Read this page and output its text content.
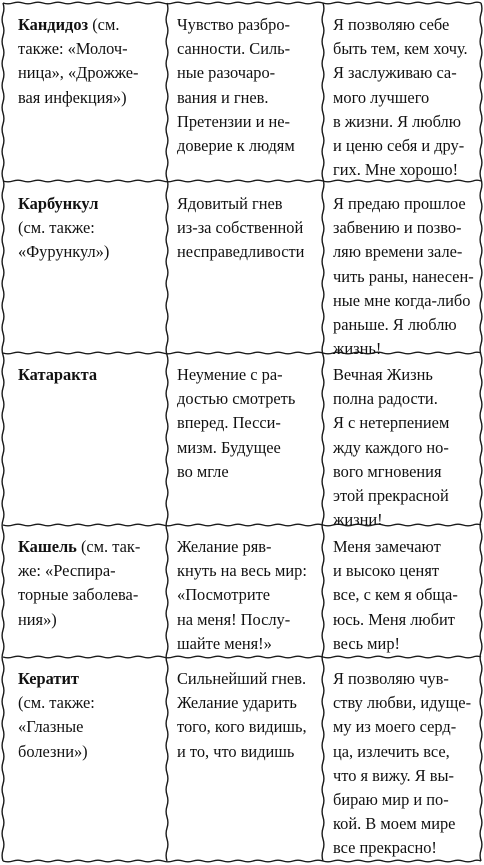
Кандидоз (см.
также: «Молоч-
ница», «Дрожже-
вая инфекция»)
Чувство разбро-
санности. Силь-
ные разочаро-
вания и гнев.
Претензии и не-
доверие к людям
Я позволяю себе
быть тем, кем хочу.
Я заслуживаю са-
мого лучшего
в жизни. Я люблю
и ценю себя и дру-
гих. Мне хорошо!
Карбункул
(см. также:
«Фурункул»)
Ядовитый гнев
из-за собственной
несправедливости
Я предаю прошлое
забвению и позво-
ляю времени зале-
чить раны, нанесен-
ные мне когда-либо
раньше. Я люблю
жизнь!
Катаракта	Неумение с ра-
достью смотреть
вперед. Песси-
мизм. Будущее
во мгле
Вечная Жизнь
полна радости.
Я с нетерпением
жду каждого но-
вого мгновения
этой прекрасной
жизни!
Кашель (см. так-
же: «Респира-
торные заболева-
ния»)
Желание ряв-
кнуть на весь мир:
«Посмотрите
на меня! Послу-
шайте меня!»
Меня замечают
и высоко ценят
все, с кем я обща-
юсь. Меня любит
весь мир!
Кератит
(см. также:
«Глазные
болезни»)
Сильнейший гнев.
Желание ударить
того, кого видишь,
и то, что видишь
Я позволяю чув-
ству любви, идуще-
му из моего серд-
ца, излечить все,
что я вижу. Я вы-
бираю мир и по-
кой. В моем мире
все прекрасно!
